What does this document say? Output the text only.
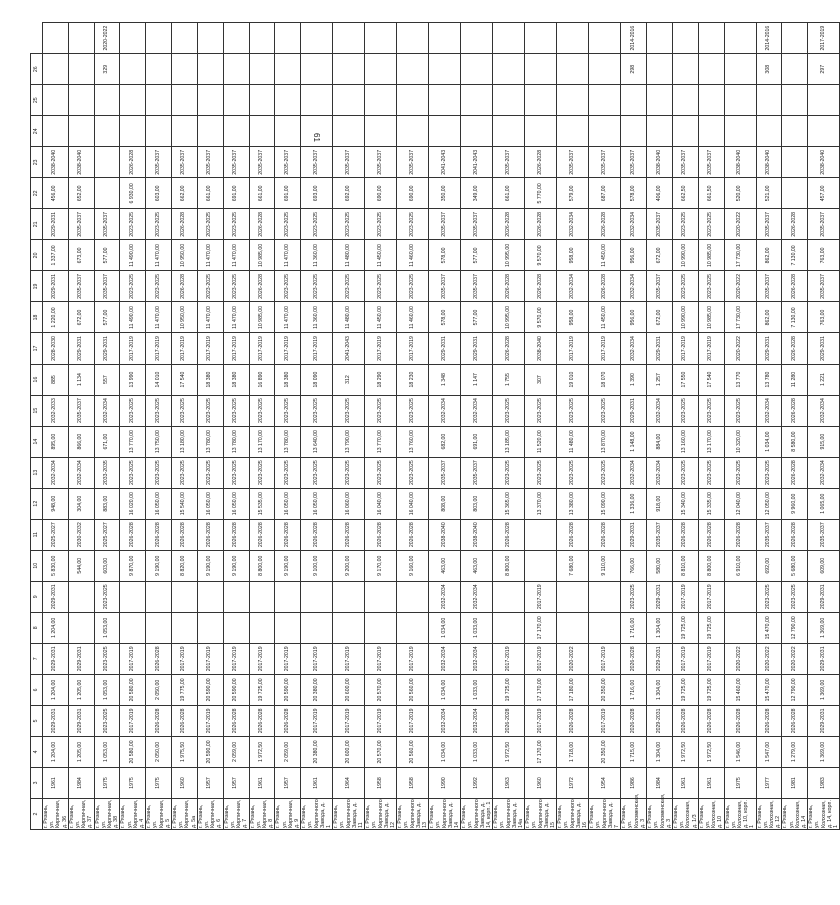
61
2	3	4	5	6	7	8	9	10	11	12	13	14	15	16	17	18	19	20	21	22	23	24	25	26	
г. Рязань, ул. Кирпичная, д. 36	1961	1 204,00	2029-2031	1 204,00	2029-2031	1 204,00	2029-2031	5 830,00	2025-2027	948,00	2032-2034	895,00	2032-2033	885	2028-2030	1 220,00	2029-2031	1 337,00	2029-2031	456,00	2038-2040				
г. Рязань, ул. Кирпичная, д. 37	1984	1 205,00	2029-2031	1 205,00	2029-2031			544,00	2030-2032	304,00	2032-2034	866,00	2035-2037	1 134	2029-2031	672,00	2035-2037	673,00	2035-2037	652,00	2038-2040				
г. Рязань, ул. Кирпичная, д. 38	1975	1 053,00	2023-2025	1 053,00	2023-2025	1 053,00	2023-2025	603,00	2025-2027	883,00	2033-2035	671,00	2032-2034	557	2029-2031	577,00	2035-2037	577,00	2035-2037					329	2020-2022
г. Рязань, ул. Кирпичная, д. 4	1975	20 580,00	2017-2019	20 580,00	2017-2019			9 870,00	2026-2028	16 020,00	2023-2025	13 770,00	2023-2025	13 990	2017-2019	11 490,00	2023-2025	11 490,00	2023-2025	6 930,00	2026-2028				
г. Рязань, ул. Кирпичная, д. 5	1975	2 050,00	2026-2028	2 050,00	2026-2028			9 190,00	2026-2028	16 050,00	2023-2025	13 750,00	2023-2025	14 010	2017-2019	11 470,00	2023-2025	11 470,00	2023-2025	603,00	2035-2037				
г. Рязань, ул. Кирпичная, д. 5а	1960	1 975,50	2026-2028	19 775,00	2017-2019			8 820,00	2026-2028	15 540,00	2023-2025	13 180,00	2023-2025	17 540	2017-2019	10 950,00	2026-2028	10 950,00	2026-2028	662,00	2035-2037				
г. Рязань, ул. Кирпичная, д. 6	1957	20 590,00	2017-2019	20 590,00	2017-2019			9 190,00	2026-2028	16 050,00	2023-2025	13 780,00	2023-2025	18 380	2017-2019	11 470,00	2023-2025	11 470,00	2023-2025	661,00	2035-2037				
г. Рязань, ул. Кирпичная, д. 7	1957	2 059,00	2026-2028	20 590,00	2017-2019			9 190,00	2026-2028	16 050,00	2023-2025	13 780,00	2023-2025	18 380	2017-2019	11 470,00	2023-2025	11 470,00	2023-2025	691,00	2035-2037				
г. Рязань, ул. Кирпичная, д. 8	1961	1 972,50	2026-2028	19 725,00	2017-2019			8 800,00	2026-2028	15 535,00	2023-2025	13 170,00	2023-2025	16 890	2017-2019	10 985,00	2026-2028	10 985,00	2026-2028	661,00	2035-2037				
г. Рязань, ул. Кирпичная, д. 9	1957	2 059,00	2026-2028	20 590,00	2017-2019			9 190,00	2026-2028	16 050,00	2023-2025	13 780,00	2023-2025	18 380	2017-2019	11 470,00	2023-2025	11 470,00	2023-2025	691,00	2035-2037				
г. Рязань, ул. Кирпичного Завода, д. 1	1961	20 380,00	2017-2019	20 380,00	2017-2019			9 100,00	2026-2028	16 050,00	2023-2025	13 640,00	2023-2025	18 090	2017-2019	11 360,00	2023-2025	11 360,00	2023-2025	693,00	2035-2037				
г. Рязань, ул. Кирпичного Завода, д. 11	1964	20 600,00	2017-2019	20 600,00	2017-2019			9 200,00	2026-2028	16 060,00	2023-2025	13 790,00	2023-2025	312	2041-2043	11 480,00	2023-2025	11 480,00	2023-2025	692,00	2035-2037				
г. Рязань, ул. Кирпичного Завода, д. 12	1958	20 570,00	2017-2019	20 570,00	2017-2019			9 170,00	2026-2028	16 040,00	2023-2025	13 770,00	2023-2025	18 290	2017-2019	11 450,00	2023-2025	11 450,00	2023-2025	690,00	2035-2037				
г. Рязань, ул. Кирпичного Завода, д. 13	1958	20 560,00	2017-2019	20 560,00	2017-2019			9 160,00	2026-2028	16 040,00	2023-2025	13 760,00	2023-2025	18 230	2017-2019	11 460,00	2023-2025	11 460,00	2023-2025	690,00	2035-2037				
г. Рязань, ул. Кирпичного Завода, д. 14	1990	1 034,00	2032-2034	1 034,00	2032-2034	1 034,00	2032-2034	463,00	2038-2040	808,00	2035-2037	682,00	2032-2034	1 348	2029-2031	578,00	2035-2037	578,00	2035-2037	350,00	2041-2043				
г. Рязань, ул. Кирпичного Завода, д. 14, корп. 1	1992	1 033,00	2032-2034	1 033,00	2032-2034	1 033,00	2032-2034	463,00	2038-2040	803,00	2035-2037	691,00	2032-2034	1 147	2029-2031	577,00	2035-2037	577,00	2035-2037	349,00	2041-2043				
г. Рязань, ул. Кирпичного Завода, д. 14а	1963	1 972,50	2026-2028	19 725,00	2017-2019			8 800,00	2026-2028	15 365,00	2023-2025	13 185,00	2023-2025	1 755	2026-2028	10 995,00	2026-2028	10 995,00	2026-2028	661,00	2035-2037				
г. Рязань, ул. Кирпичного Завода, д. 15	1960	17 170,00	2017-2019	17 170,00	2017-2019	17 170,00	2017-2019			13 370,00	2023-2025	11 520,00	2023-2025	307	2038-2040	9 570,00	2026-2028	9 570,00	2026-2028	5 770,00	2026-2028				
г. Рязань, ул. Кирпичного Завода, д. 16	1972	1 718,00	2026-2028	17 180,00	2020-2022			7 680,00	2026-2028	13 380,00	2023-2025	11 480,00	2023-2025	19 010	2017-2019	958,00	2032-2034	958,00	2032-2034	579,00	2035-2037				
г. Рязань, ул. Кирпичного Завода, д. 7	1954	20 350,00	2017-2019	20 350,00	2017-2019			9 110,00	2026-2028	15 090,00	2023-2025	13 870,00	2023-2025	18 070	2017-2019	11 450,00	2026-2028	11 450,00	2026-2028	687,00	2035-2037				
г. Рязань, ул. Коломенская, д. 3	1986	1 715,00	2026-2028	1 716,00	2026-2028	1 716,00	2023-2025	766,00	2029-2031	1 336,00	2032-2034	1 148,00	2029-2031	1 390	2032-2034	956,00	2032-2034	956,00	2032-2034	578,00	2035-2037			298	2014-2016
г. Рязань, ул. Коломенская, д. 3	1984	1 304,00	2029-2031	1 304,00	2029-2031	1 304,00	2029-2031	580,00	2035-2037	918,00	2032-2034	884,00	2032-2034	1 257	2029-2031	672,00	2035-2037	672,00	2035-2037	406,00	2038-2040				
г. Рязань, ул. Колхозная, д. 1/3	1961	1 972,50	2026-2028	19 725,00	2017-2019	19 725,00	2017-2019	8 810,00	2026-2028	15 340,00	2023-2025	13 160,00	2023-2025	17 550	2017-2019	10 990,00	2023-2025	10 990,00	2023-2025	662,50	2035-2037				
г. Рязань, ул. Колхозная, д. 10	1961	1 972,50	2026-2028	19 725,00	2017-2019	19 725,00	2017-2019	8 800,00	2026-2028	15 335,00	2023-2025	13 170,00	2023-2025	17 540	2017-2019	10 985,00	2023-2025	10 985,00	2023-2025	661,50	2035-2037				
г. Рязань, ул. Колхозная, д. 10, корп. 1	1975	1 546,00	2026-2028	15 460,00	2020-2022			6 910,00	2026-2028	12 040,00	2023-2025	10 320,00	2023-2025	13 770	2020-2022	17 730,00	2020-2022	17 730,00	2020-2022	520,00	2038-2040				
г. Рязань, ул. Колхозная, д. 12	1977	1 547,00	2026-2028	15 470,00	2020-2022	15 470,00	2023-2025	692,00	2035-2037	12 050,00	2023-2025	1 034,00	2032-2034	13 780	2029-2031	862,00	2035-2037	862,00	2035-2037	521,00	2038-2040			308	2014-2016
г. Рязань, ул. Колхозная, д. 14	1981	1 279,00	2026-2028	12 790,00	2020-2022	12 790,00	2023-2025	5 680,00	2026-2028	9 960,00	2026-2028	8 580,00	2026-2028	11 280	2026-2028	7 130,00	2026-2028	7 130,00	2026-2028						
г. Рязань, ул. Колхозная, д. 14, корп. 1	1983	1 369,00	2029-2031	1 369,00	2029-2031	1 369,00	2029-2031	609,00	2035-2037	1 065,00	2032-2034	915,00	2032-2034	1 221	2029-2031	763,00	2035-2037	763,00	2035-2037	457,00	2038-2040			297	2017-2019
